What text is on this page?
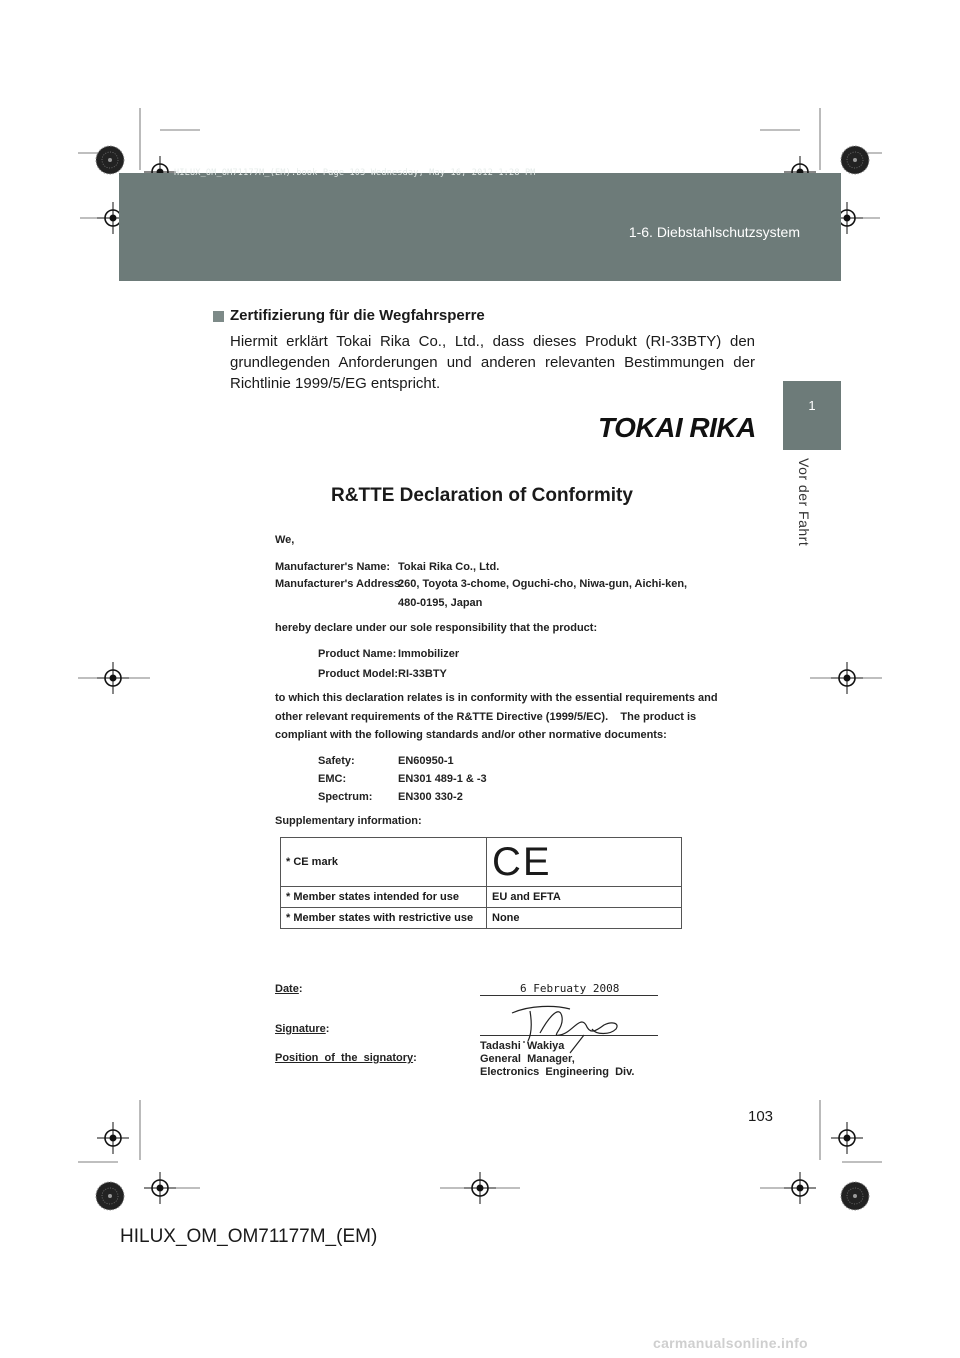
HILUX_OM_OM71177M_(EM).book Page 103 Wednesday, May 16, 2012 1:28 PM
1-6. Diebstahlschutzsystem
1
Vor der Fahrt
Zertifizierung für die Wegfahrsperre
Hiermit erklärt Tokai Rika Co., Ltd., dass dieses Produkt (RI-33BTY) den grundlegenden Anforderungen und anderen relevanten Bestimmungen der Richtlinie 1999/5/EG entspricht.
TOKAI RIKA
R&TTE Declaration of Conformity
We,
Manufacturer's Name: Tokai Rika Co., Ltd.
Manufacturer's Address:
260, Toyota 3-chome, Oguchi-cho, Niwa-gun, Aichi-ken,
480-0195, Japan
hereby declare under our sole responsibility that the product:
Product Name: Immobilizer
Product Model: RI-33BTY
to which this declaration relates is in conformity with the essential requirements and
other relevant requirements of the R&TTE Directive (1999/5/EC).    The product is
compliant with the following standards and/or other normative documents:
Safety:	EN60950-1
EMC:	EN301 489-1 & -3
Spectrum: EN300 330-2
Supplementary information:
* CE mark	CE
* Member states intended for use	EU and EFTA
* Member states with restrictive use	None
Date:	6 Februaty 2008
Signature:
Position  of  the  signatory:
Tadashi  Wakiya
General  Manager,
Electronics  Engineering  Div.
103
HILUX_OM_OM71177M_(EM)
carmanualsonline.info
